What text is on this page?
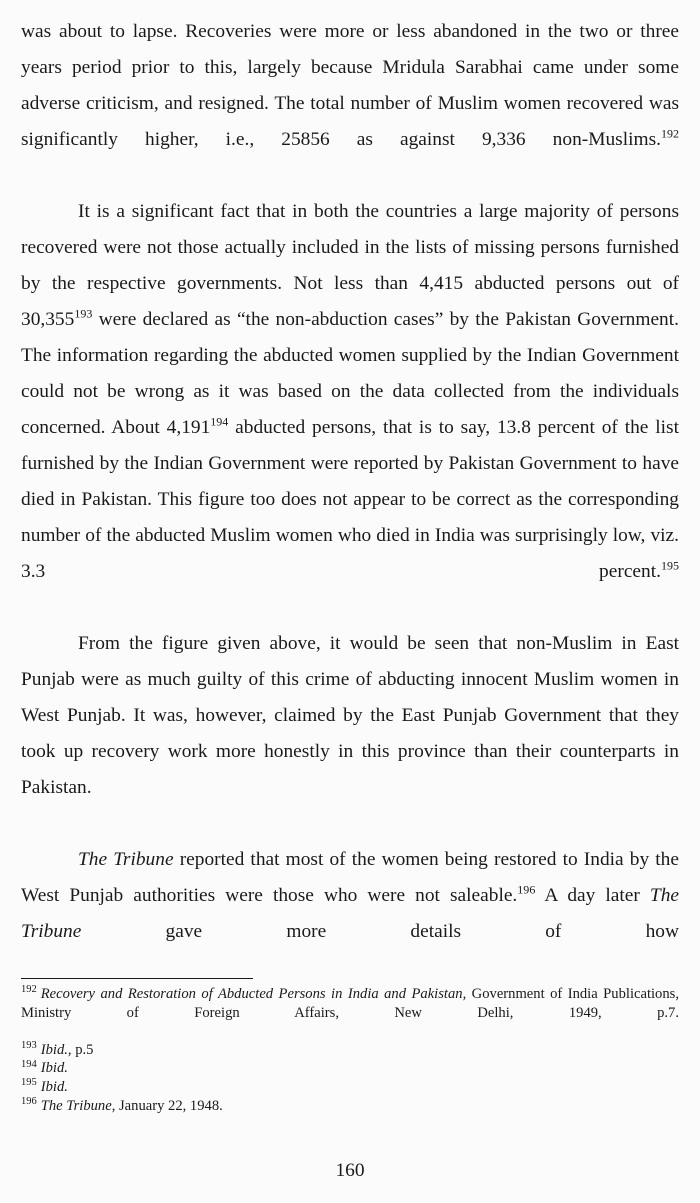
was about to lapse. Recoveries were more or less abandoned in the two or three years period prior to this, largely because Mridula Sarabhai came under some adverse criticism, and resigned. The total number of Muslim women recovered was significantly higher, i.e., 25856 as against 9,336 non-Muslims.$^{192}$

It is a significant fact that in both the countries a large majority of persons recovered were not those actually included in the lists of missing persons furnished by the respective governments. Not less than 4,415 abducted persons out of 30,355$^{193}$ were declared as “the non-abduction cases” by the Pakistan Government. The information regarding the abducted women supplied by the Indian Government could not be wrong as it was based on the data collected from the individuals concerned. About 4,191$^{194}$ abducted persons, that is to say, 13.8 percent of the list furnished by the Indian Government were reported by Pakistan Government to have died in Pakistan. This figure too does not appear to be correct as the corresponding number of the abducted Muslim women who died in India was surprisingly low, viz. 3.3 percent.$^{195}$

From the figure given above, it would be seen that non-Muslim in East Punjab were as much guilty of this crime of abducting innocent Muslim women in West Punjab. It was, however, claimed by the East Punjab Government that they took up recovery work more honestly in this province than their counterparts in Pakistan.

The Tribune reported that most of the women being restored to India by the West Punjab authorities were those who were not saleable.$^{196}$ A day later The Tribune gave more details of how

$^{192}$ Recovery and Restoration of Abducted Persons in India and Pakistan, Government of India Publications, Ministry of Foreign Affairs, New Delhi, 1949, p.7.

$^{193}$ Ibid., p.5

$^{194}$ Ibid.

$^{195}$ Ibid.

$^{196}$ The Tribune, January 22, 1948.

160
